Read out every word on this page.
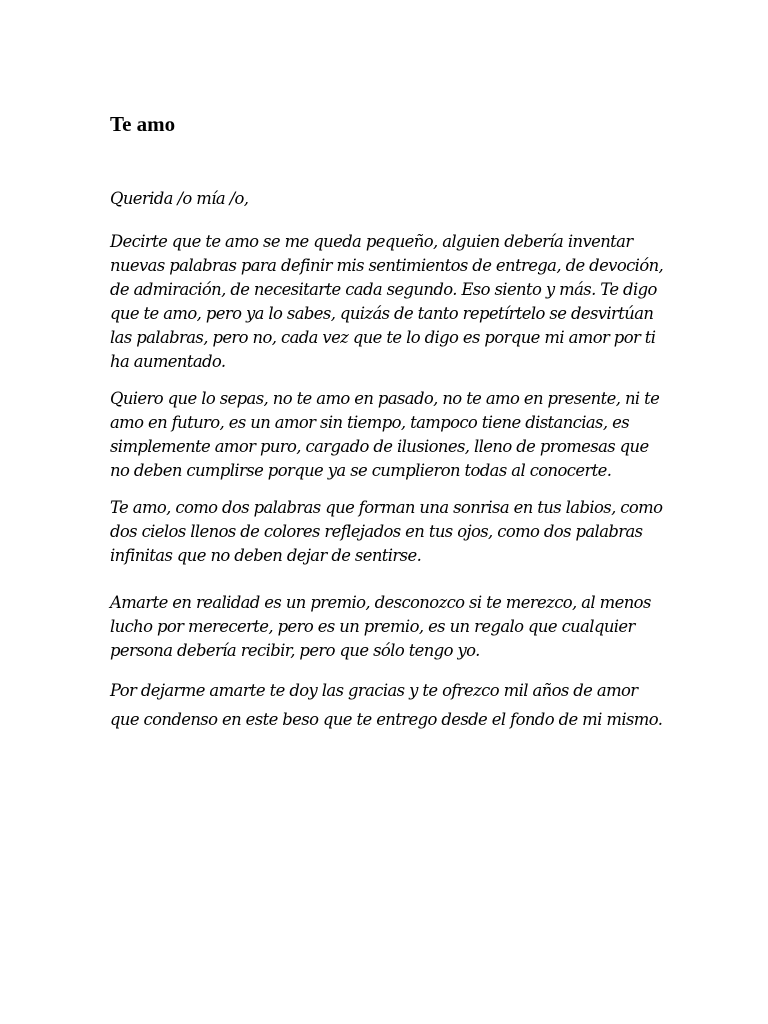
Te amo

Querida /o mía /o,

Decirte que te amo se me queda pequeño, alguien debería inventar nuevas palabras para definir mis sentimientos de entrega, de devoción, de admiración, de necesitarte cada segundo. Eso siento y más. Te digo que te amo, pero ya lo sabes, quizás de tanto repetírtelo se desvirtúan las palabras, pero no, cada vez que te lo digo es porque mi amor por ti ha aumentado.

Quiero que lo sepas, no te amo en pasado, no te amo en presente, ni te amo en futuro, es un amor sin tiempo, tampoco tiene distancias, es simplemente amor puro, cargado de ilusiones, lleno de promesas que no deben cumplirse porque ya se cumplieron todas al conocerte.

Te amo, como dos palabras que forman una sonrisa en tus labios, como dos cielos llenos de colores reflejados en tus ojos, como dos palabras infinitas que no deben dejar de sentirse.

Amarte en realidad es un premio, desconozco si te merezco, al menos lucho por merecerte, pero es un premio, es un regalo que cualquier persona debería recibir, pero que sólo tengo yo.

Por dejarme amarte te doy las gracias y te ofrezco mil años de amor que condenso en este beso que te entrego desde el fondo de mi mismo.
